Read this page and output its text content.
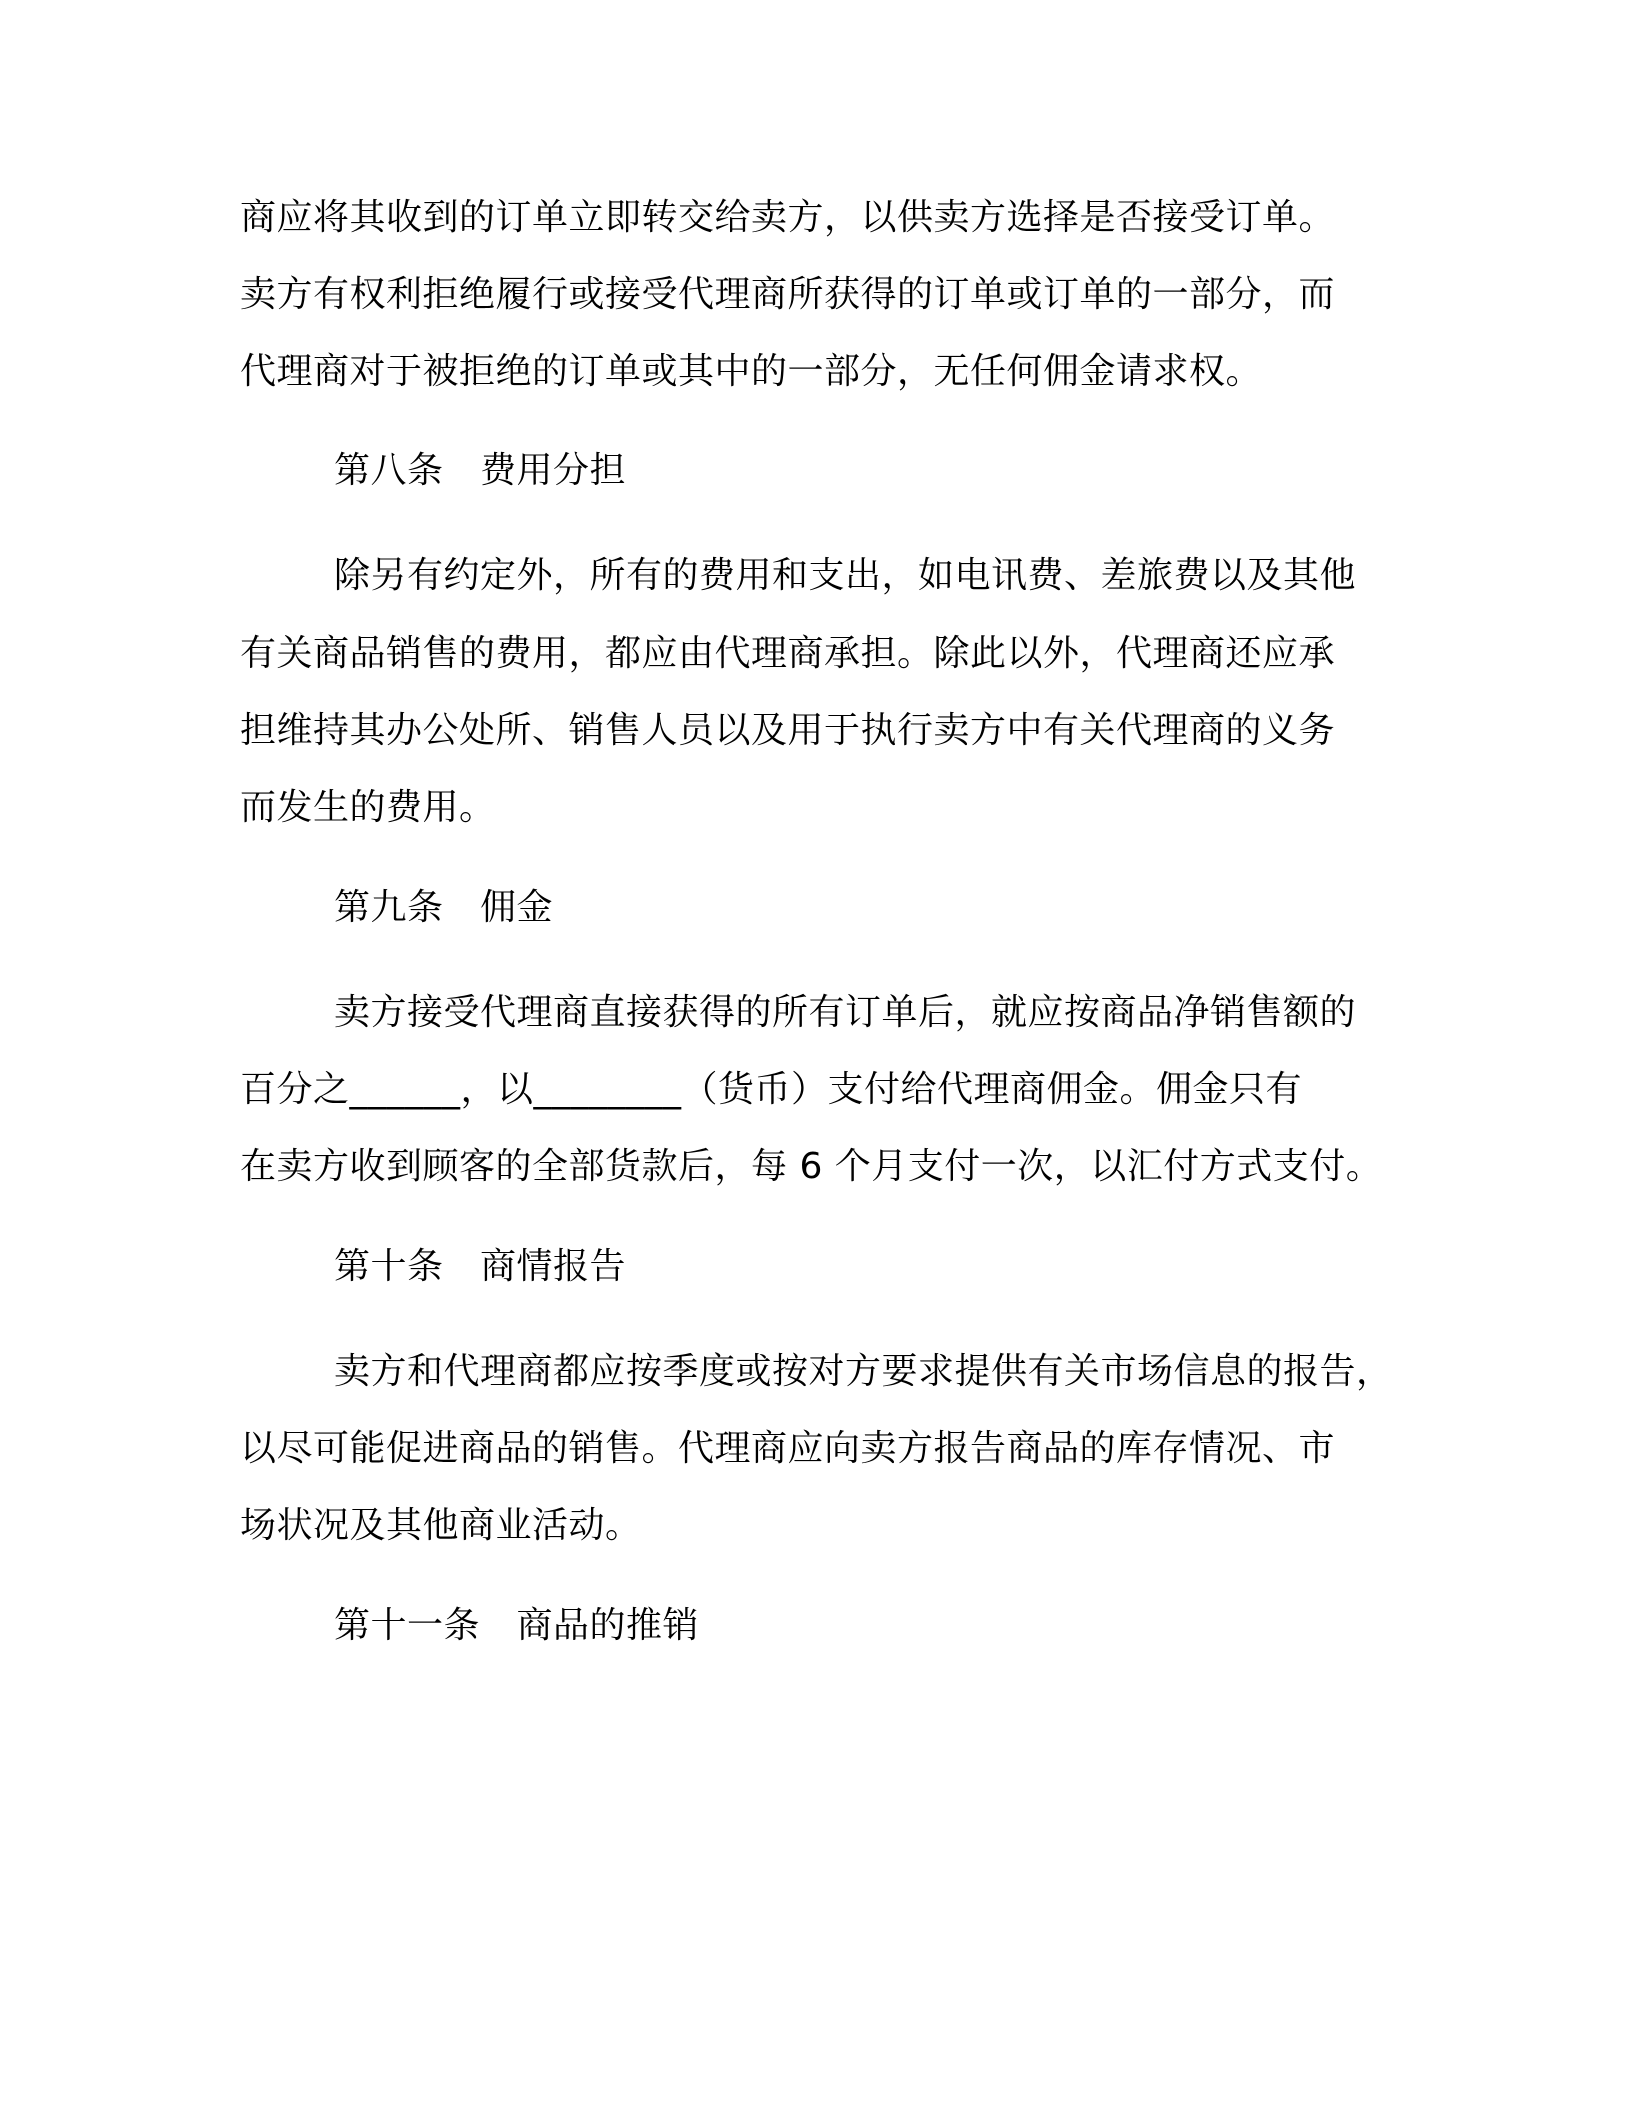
商应将其收到的订单立即转交给卖方，以供卖方选择是否接受订单。
卖方有权利拒绝履行或接受代理商所获得的订单或订单的一部分，而
代理商对于被拒绝的订单或其中的一部分，无任何佣金请求权。
第八条　费用分担
除另有约定外，所有的费用和支出，如电讯费、差旅费以及其他
有关商品销售的费用，都应由代理商承担。除此以外，代理商还应承
担维持其办公处所、销售人员以及用于执行卖方中有关代理商的义务
而发生的费用。
第九条　佣金
卖方接受代理商直接获得的所有订单后，就应按商品净销售额的
百分之______，以________（货币）支付给代理商佣金。佣金只有
在卖方收到顾客的全部货款后，每 6 个月支付一次，以汇付方式支付。
第十条　商情报告
卖方和代理商都应按季度或按对方要求提供有关市场信息的报告，
以尽可能促进商品的销售。代理商应向卖方报告商品的库存情况、市
场状况及其他商业活动。
第十一条　商品的推销
